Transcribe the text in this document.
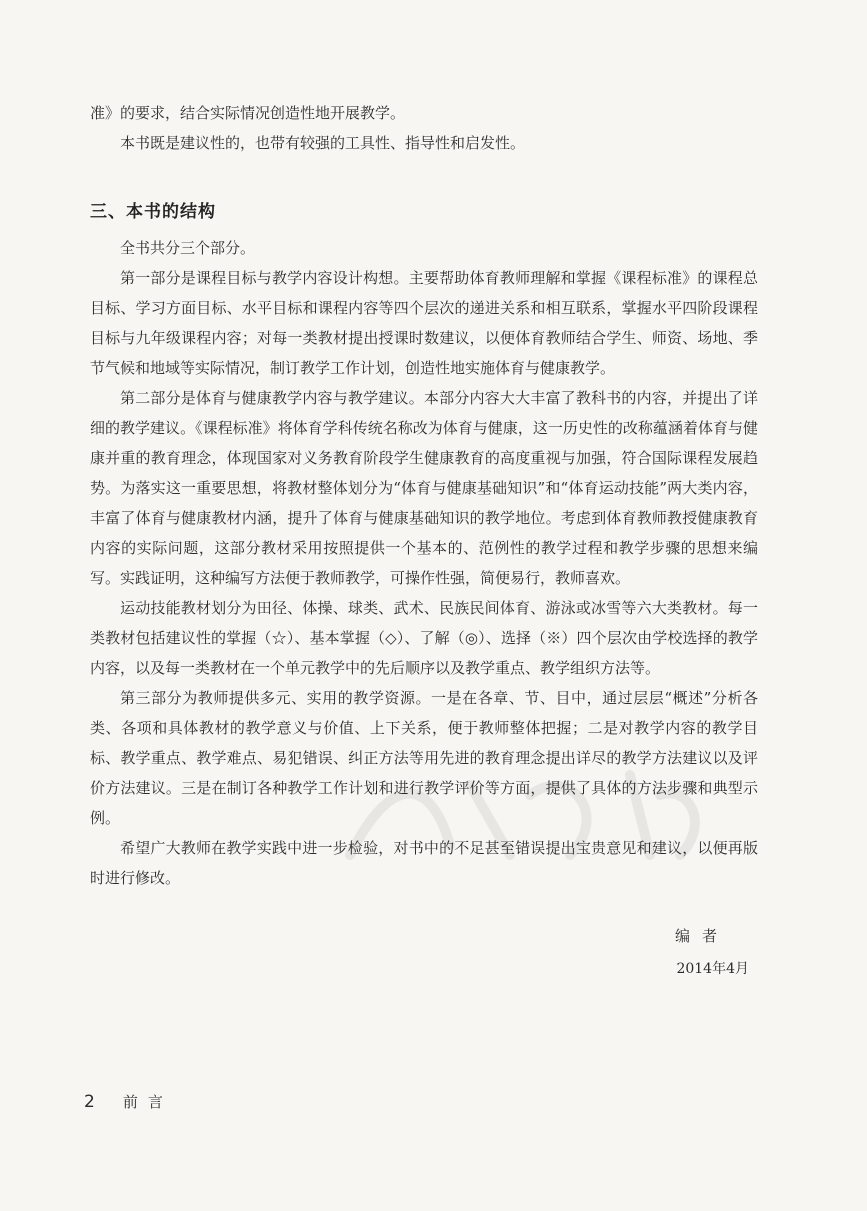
准》的要求，结合实际情况创造性地开展教学。

本书既是建议性的，也带有较强的工具性、指导性和启发性。

三、本书的结构

全书共分三个部分。

第一部分是课程目标与教学内容设计构想。主要帮助体育教师理解和掌握《课程标准》的课程总目标、学习方面目标、水平目标和课程内容等四个层次的递进关系和相互联系，掌握水平四阶段课程目标与九年级课程内容；对每一类教材提出授课时数建议，以便体育教师结合学生、师资、场地、季节气候和地域等实际情况，制订教学工作计划，创造性地实施体育与健康教学。

第二部分是体育与健康教学内容与教学建议。本部分内容大大丰富了教科书的内容，并提出了详细的教学建议。《课程标准》将体育学科传统名称改为体育与健康，这一历史性的改称蕴涵着体育与健康并重的教育理念，体现国家对义务教育阶段学生健康教育的高度重视与加强，符合国际课程发展趋势。为落实这一重要思想，将教材整体划分为“体育与健康基础知识”和“体育运动技能”两大类内容，丰富了体育与健康教材内涵，提升了体育与健康基础知识的教学地位。考虑到体育教师教授健康教育内容的实际问题，这部分教材采用按照提供一个基本的、范例性的教学过程和教学步骤的思想来编写。实践证明，这种编写方法便于教师教学，可操作性强，简便易行，教师喜欢。

运动技能教材划分为田径、体操、球类、武术、民族民间体育、游泳或冰雪等六大类教材。每一类教材包括建议性的掌握（☆）、基本掌握（◇）、了解（◎）、选择（※）四个层次由学校选择的教学内容，以及每一类教材在一个单元教学中的先后顺序以及教学重点、教学组织方法等。

第三部分为教师提供多元、实用的教学资源。一是在各章、节、目中，通过层层“概述”分析各类、各项和具体教材的教学意义与价值、上下关系，便于教师整体把握；二是对教学内容的教学目标、教学重点、教学难点、易犯错误、纠正方法等用先进的教育理念提出详尽的教学方法建议以及评价方法建议。三是在制订各种教学工作计划和进行教学评价等方面，提供了具体的方法步骤和典型示例。

希望广大教师在教学实践中进一步检验，对书中的不足甚至错误提出宝贵意见和建议，以便再版时进行修改。

编者

2014年4月

2 前言
